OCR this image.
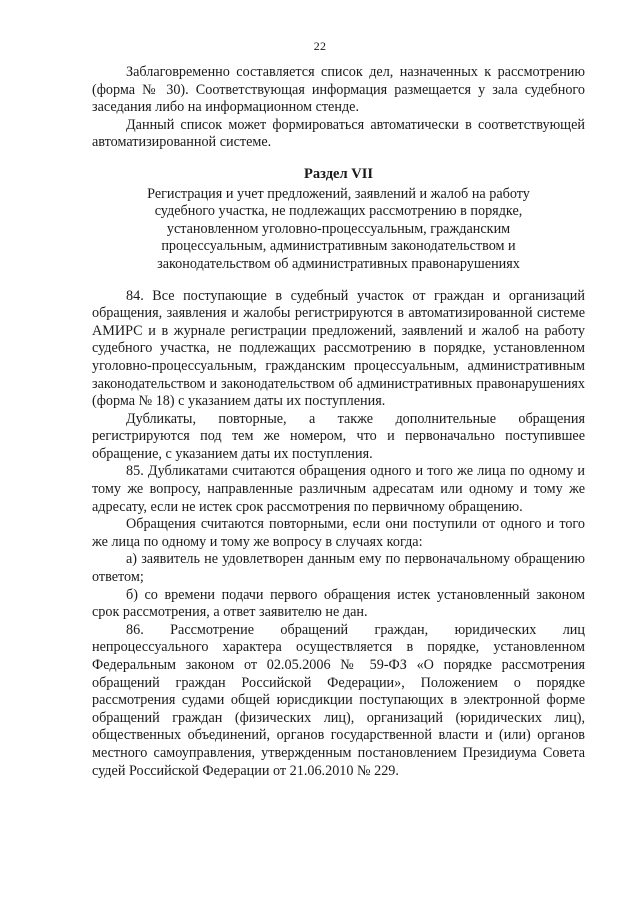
22

Заблаговременно составляется список дел, назначенных к рассмотрению (форма № 30). Соответствующая информация размещается у зала судебного заседания либо на информационном стенде.

Данный список может формироваться автоматически в соответствующей автоматизированной системе.

Раздел VII
Регистрация и учет предложений, заявлений и жалоб на работу
судебного участка, не подлежащих рассмотрению в порядке,
установленном уголовно-процессуальным, гражданским
процессуальным, административным законодательством и
законодательством об административных правонарушениях

84. Все поступающие в судебный участок от граждан и организаций обращения, заявления и жалобы регистрируются в автоматизированной системе АМИРС и в журнале регистрации предложений, заявлений и жалоб на работу судебного участка, не подлежащих рассмотрению в порядке, установленном уголовно-процессуальным, гражданским процессуальным, административным законодательством и законодательством об административных правонарушениях (форма № 18) с указанием даты их поступления.

Дубликаты, повторные, а также дополнительные обращения регистрируются под тем же номером, что и первоначально поступившее обращение, с указанием даты их поступления.

85. Дубликатами считаются обращения одного и того же лица по одному и тому же вопросу, направленные различным адресатам или одному и тому же адресату, если не истек срок рассмотрения по первичному обращению.

Обращения считаются повторными, если они поступили от одного и того же лица по одному и тому же вопросу в случаях когда:

а) заявитель не удовлетворен данным ему по первоначальному обращению ответом;

б) со времени подачи первого обращения истек установленный законом срок рассмотрения, а ответ заявителю не дан.

86. Рассмотрение обращений граждан, юридических лиц непроцессуального характера осуществляется в порядке, установленном Федеральным законом от 02.05.2006 № 59-ФЗ «О порядке рассмотрения обращений граждан Российской Федерации», Положением о порядке рассмотрения судами общей юрисдикции поступающих в электронной форме обращений граждан (физических лиц), организаций (юридических лиц), общественных объединений, органов государственной власти и (или) органов местного самоуправления, утвержденным постановлением Президиума Совета судей Российской Федерации от 21.06.2010 № 229.
